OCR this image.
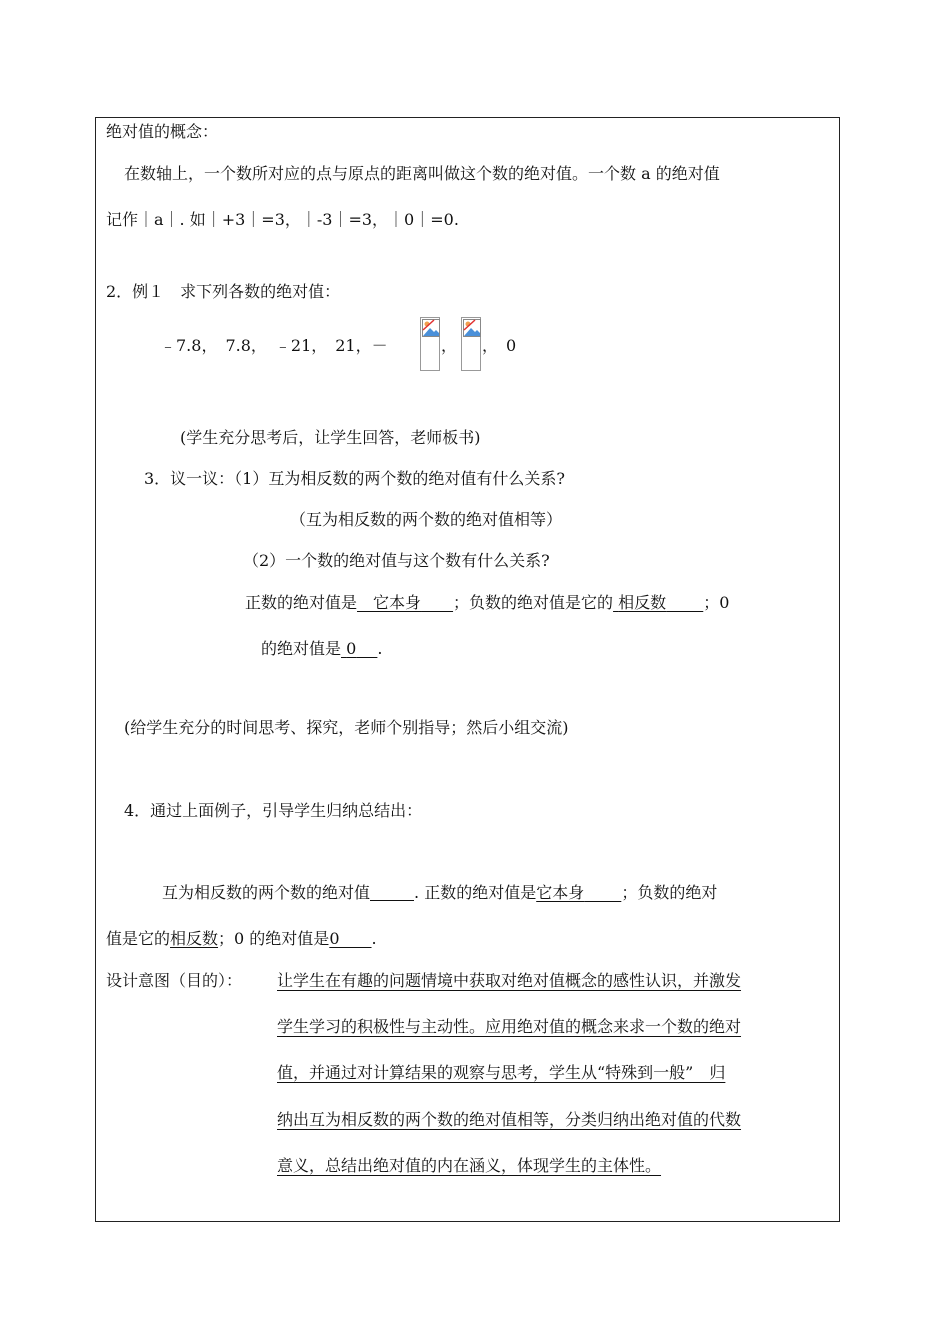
绝对值的概念：
在数轴上，一个数所对应的点与原点的距离叫做这个数的绝对值。一个数 a 的绝对值
记作｜a｜. 如｜+3｜=3，｜-3｜=3，｜0｜=0.
2．例１　求下列各数的绝对值：
﹣7.8，　7.8，　﹣21，　21，－	， ，　0
(学生充分思考后，让学生回答，老师板书)
3．议一议：（1）互为相反数的两个数的绝对值有什么关系?
（互为相反数的两个数的绝对值相等）
（2）一个数的绝对值与这个数有什么关系?
正数的绝对值是　它本身　　 ；负数的绝对值是它的 相反数　　 ；0
的绝对值是 0　 .
(给学生充分的时间思考、探究，老师个别指导；然后小组交流)
4．通过上面例子，引导学生归纳总结出：
互为相反数的两个数的绝对值	. 正数的绝对值是它本身　　 ；负数的绝对
值是它的相反数；0 的绝对值是0　　 .
设计意图（目的）： 让学生在有趣的问题情境中获取对绝对值概念的感性认识，并激发
学生学习的积极性与主动性。应用绝对值的概念来求一个数的绝对
值，并通过对计算结果的观察与思考，学生从“特殊到一般”　归
纳出互为相反数的两个数的绝对值相等，分类归纳出绝对值的代数
意义，总结出绝对值的内在涵义，体现学生的主体性。
